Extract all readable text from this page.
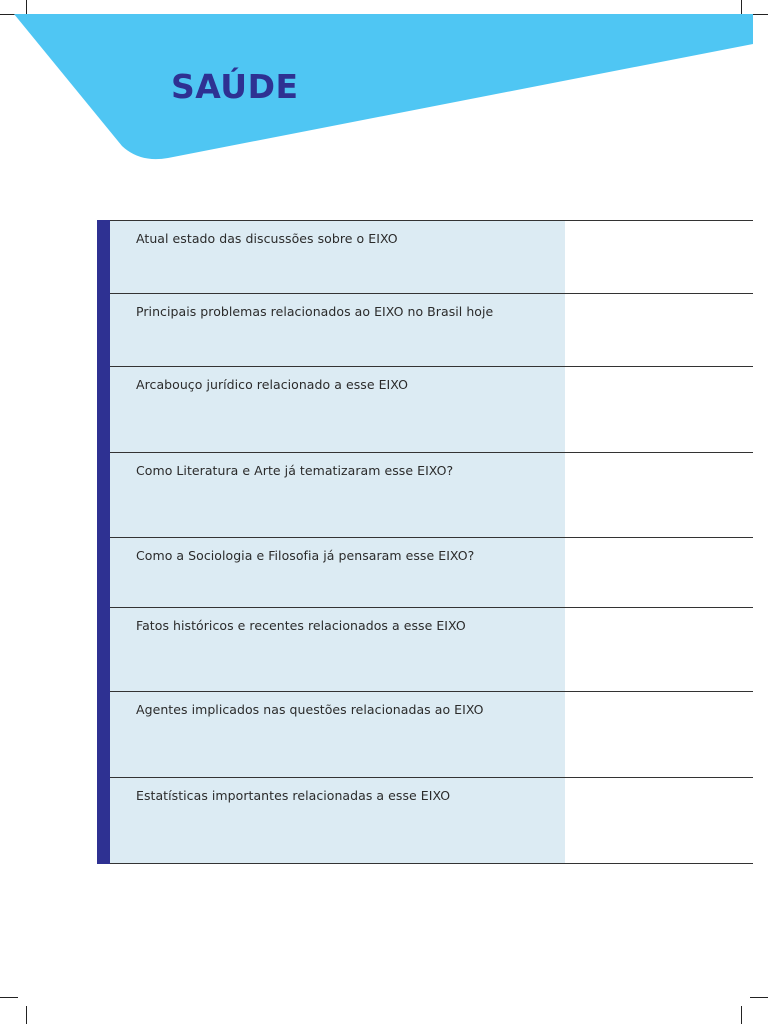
SAÚDE
Atual estado das discussões sobre o EIXO
Principais problemas relacionados ao EIXO no Brasil hoje
Arcabouço jurídico relacionado a esse EIXO
Como Literatura e Arte já tematizaram esse EIXO?
Como a Sociologia e Filosofia já pensaram esse EIXO?
Fatos históricos e recentes relacionados a esse EIXO
Agentes implicados nas questões relacionadas ao EIXO
Estatísticas importantes relacionadas a esse EIXO
